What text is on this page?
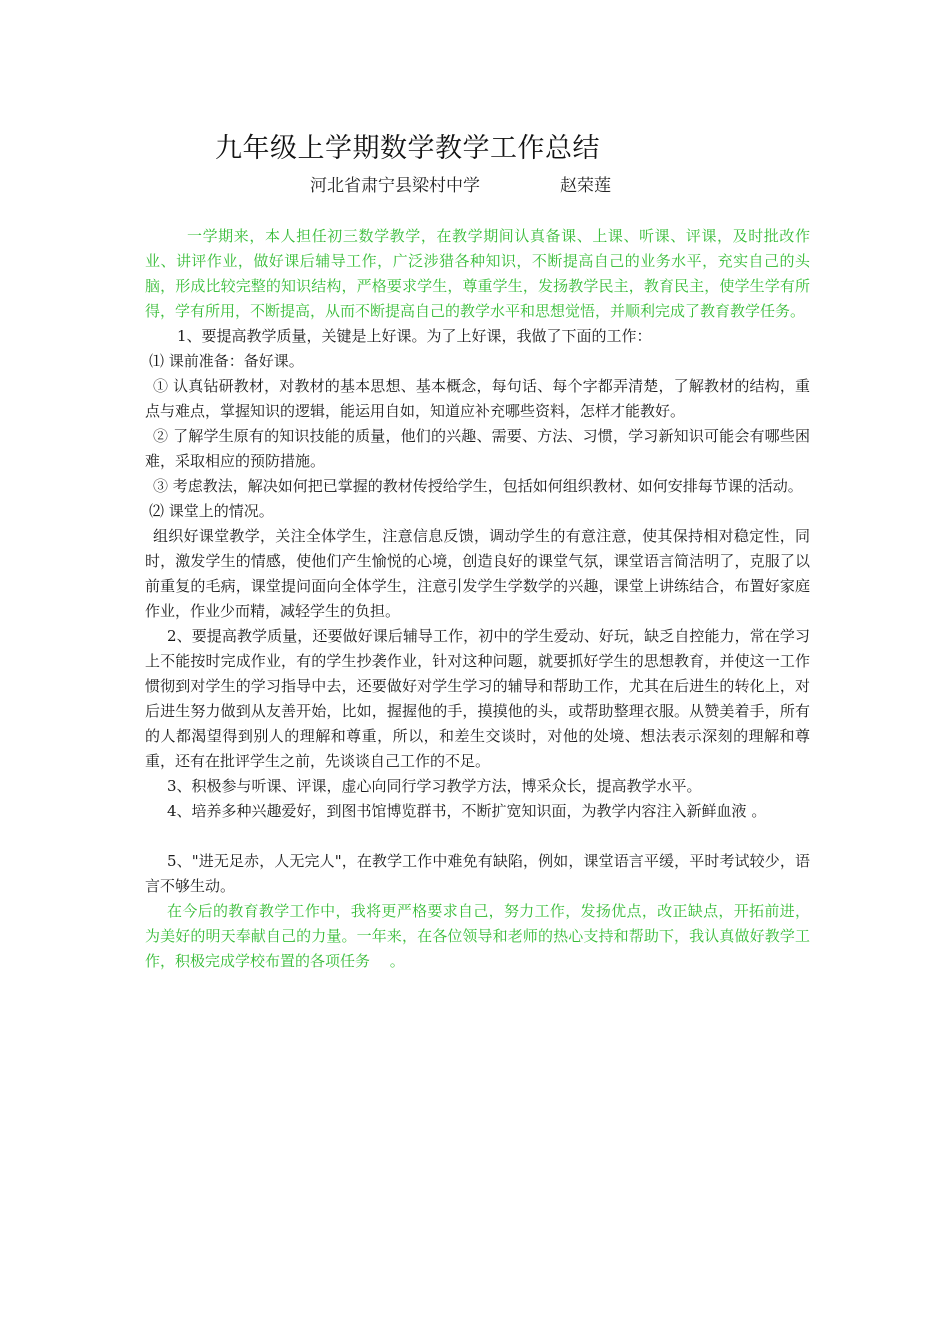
九年级上学期数学教学工作总结
河北省肃宁县梁村中学	赵荣莲

一学期来，本人担任初三数学教学，在教学期间认真备课、上课、听课、评课，及时批改作业、讲评作业，做好课后辅导工作，广泛涉猎各种知识，不断提高自己的业务水平，充实自己的头脑，形成比较完整的知识结构，严格要求学生，尊重学生，发扬教学民主，教育民主，使学生学有所得，学有所用，不断提高，从而不断提高自己的教学水平和思想觉悟，并顺利完成了教育教学任务。

1、要提高教学质量，关键是上好课。为了上好课，我做了下面的工作：

⑴ 课前准备：备好课。

① 认真钻研教材，对教材的基本思想、基本概念，每句话、每个字都弄清楚，了解教材的结构，重点与难点，掌握知识的逻辑，能运用自如，知道应补充哪些资料，怎样才能教好。

② 了解学生原有的知识技能的质量，他们的兴趣、需要、方法、习惯，学习新知识可能会有哪些困难，采取相应的预防措施。

③ 考虑教法，解决如何把已掌握的教材传授给学生，包括如何组织教材、如何安排每节课的活动。

⑵ 课堂上的情况。

组织好课堂教学，关注全体学生，注意信息反馈，调动学生的有意注意，使其保持相对稳定性，同时，激发学生的情感，使他们产生愉悦的心境，创造良好的课堂气氛，课堂语言简洁明了，克服了以前重复的毛病，课堂提问面向全体学生，注意引发学生学数学的兴趣，课堂上讲练结合，布置好家庭作业，作业少而精，减轻学生的负担。

2、要提高教学质量，还要做好课后辅导工作，初中的学生爱动、好玩，缺乏自控能力，常在学习上不能按时完成作业，有的学生抄袭作业，针对这种问题，就要抓好学生的思想教育，并使这一工作惯彻到对学生的学习指导中去，还要做好对学生学习的辅导和帮助工作，尤其在后进生的转化上，对后进生努力做到从友善开始，比如，握握他的手，摸摸他的头，或帮助整理衣服。从赞美着手，所有的人都渴望得到别人的理解和尊重，所以，和差生交谈时，对他的处境、想法表示深刻的理解和尊重，还有在批评学生之前，先谈谈自己工作的不足。

3、积极参与听课、评课，虚心向同行学习教学方法，博采众长，提高教学水平。

4、培养多种兴趣爱好，到图书馆博览群书，不断扩宽知识面，为教学内容注入新鲜血液 。

5、"进无足赤，人无完人"，在教学工作中难免有缺陷，例如，课堂语言平缓，平时考试较少，语言不够生动。

在今后的教育教学工作中，我将更严格要求自己，努力工作，发扬优点，改正缺点，开拓前进，为美好的明天奉献自己的力量。一年来，在各位领导和老师的热心支持和帮助下，我认真做好教学工作，积极完成学校布置的各项任务　 。
